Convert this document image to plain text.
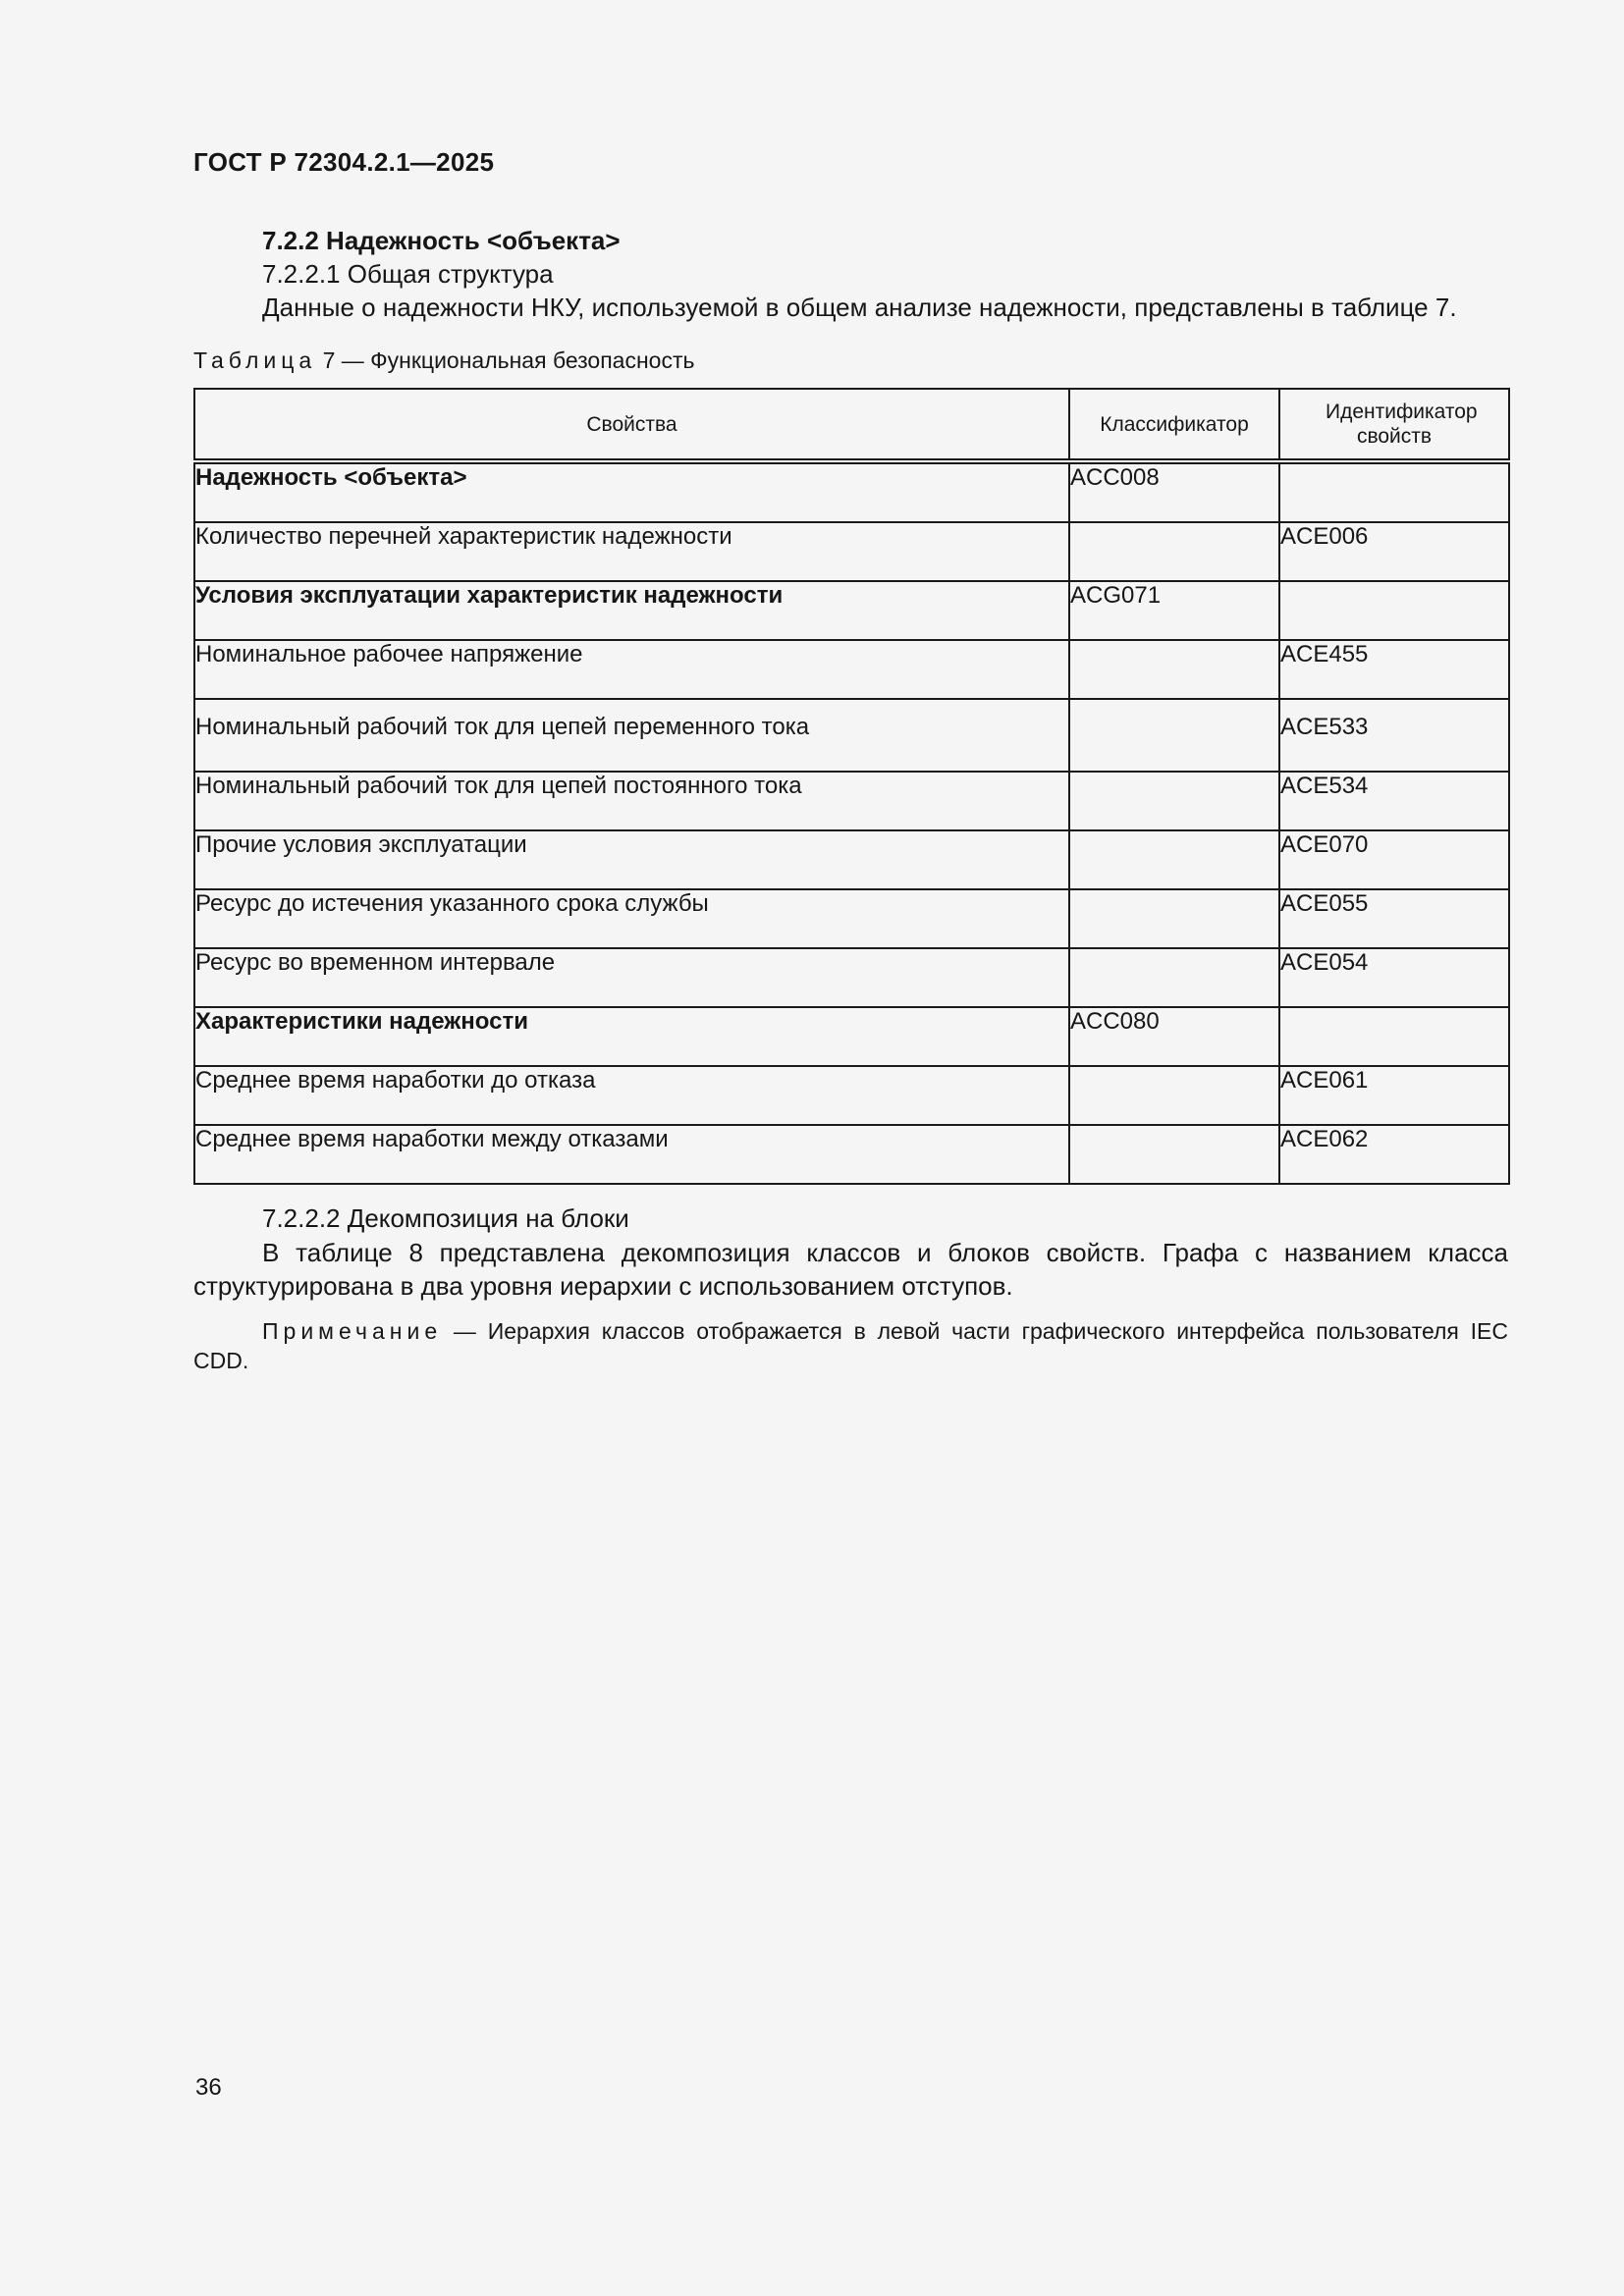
ГОСТ Р 72304.2.1—2025
7.2.2 Надежность <объекта>
7.2.2.1 Общая структура
Данные о надежности НКУ, используемой в общем анализе надежности, представлены в таблице 7.
Таблица 7 — Функциональная безопасность
Свойства	Классификатор	Идентификатор свойств

Надежность <объекта>	ACC008	
Количество перечней характеристик надежности		ACE006
Условия эксплуатации характеристик надежности	ACG071	
Номинальное рабочее напряжение		ACE455
Номинальный рабочий ток для цепей переменного тока		ACE533
Номинальный рабочий ток для цепей постоянного тока		ACE534
Прочие условия эксплуатации		ACE070
Ресурс до истечения указанного срока службы		ACE055
Ресурс во временном интервале		ACE054
Характеристики надежности	ACC080	
Среднее время наработки до отказа		ACE061
Среднее время наработки между отказами		ACE062
7.2.2.2 Декомпозиция на блоки
В таблице 8 представлена декомпозиция классов и блоков свойств. Графа с названием класса структурирована в два уровня иерархии с использованием отступов.
Примечание — Иерархия классов отображается в левой части графического интерфейса пользователя IEC CDD.
36
